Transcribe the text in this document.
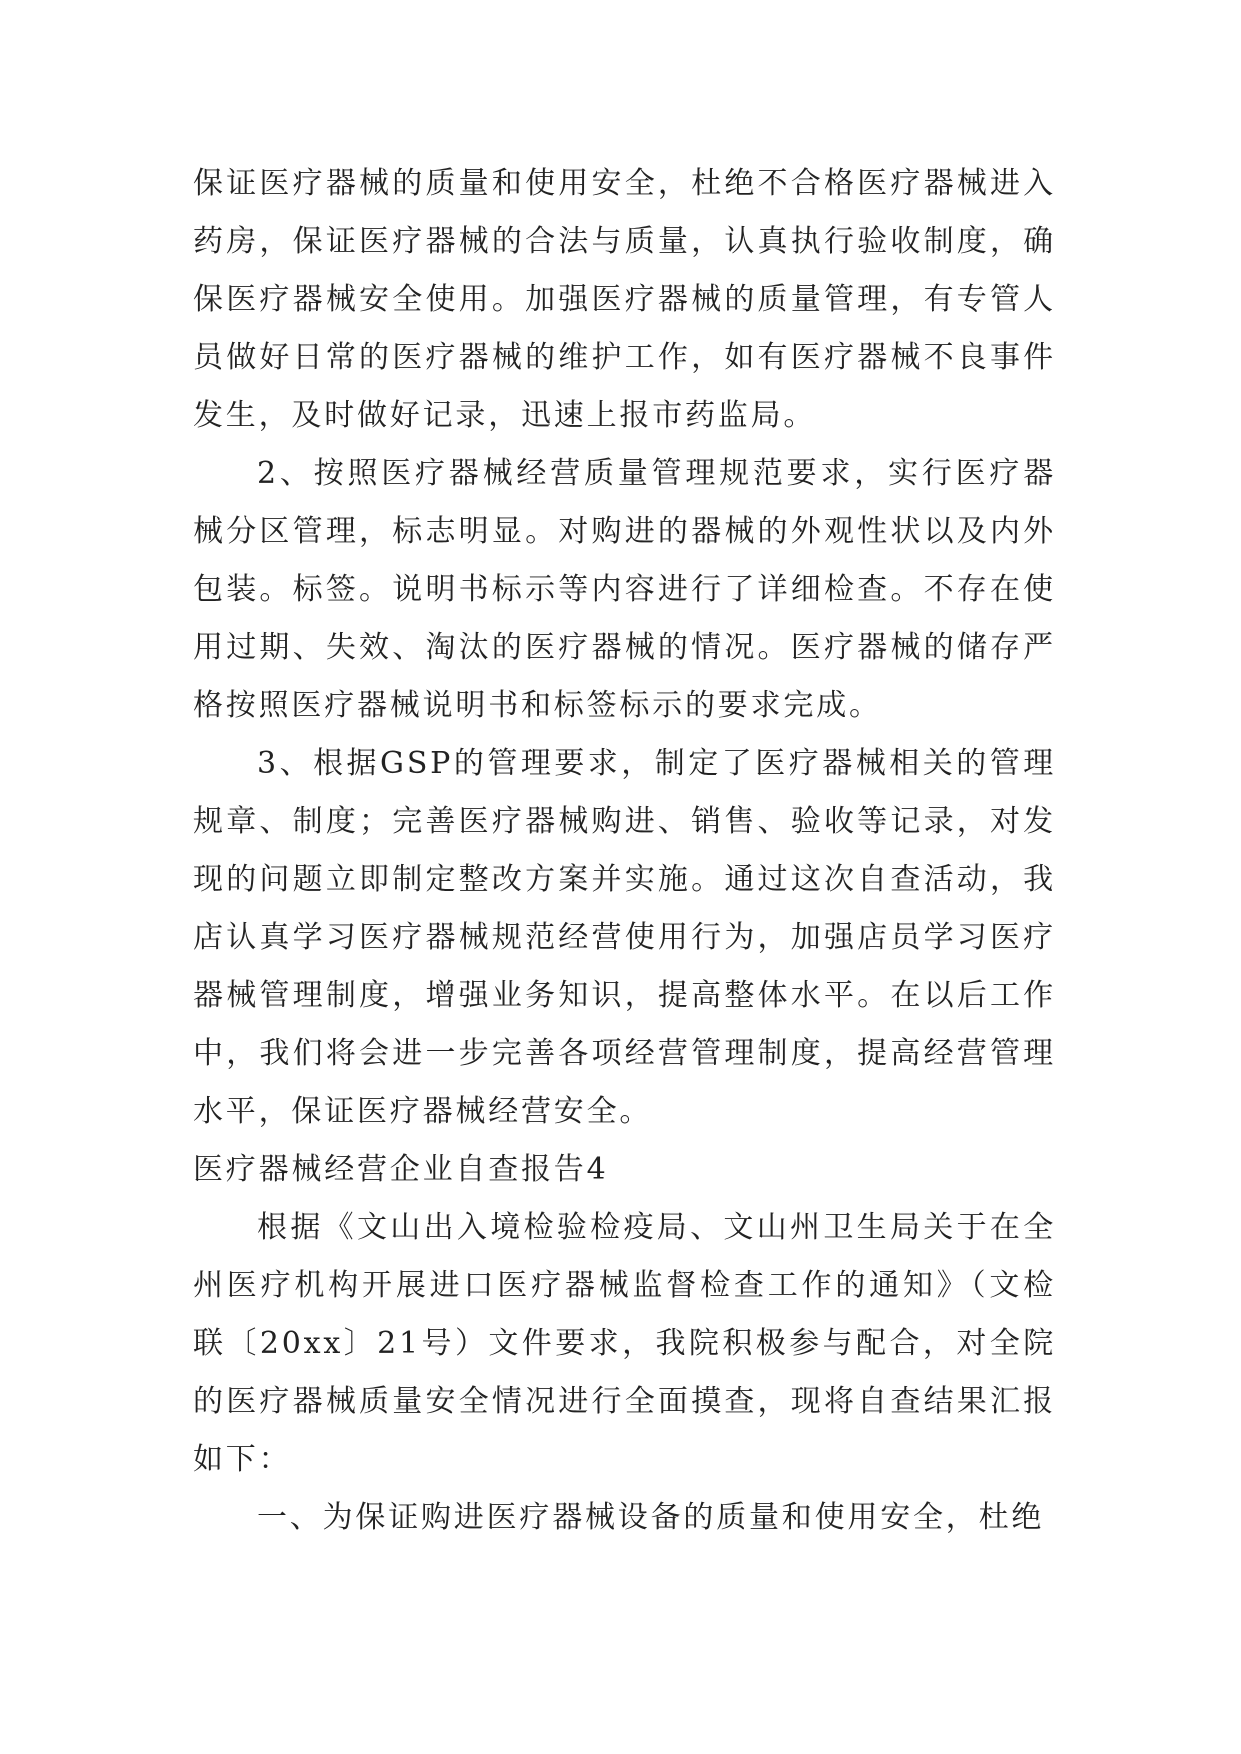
保证医疗器械的质量和使用安全，杜绝不合格医疗器械进入药房，保证医疗器械的合法与质量，认真执行验收制度，确保医疗器械安全使用。加强医疗器械的质量管理，有专管人员做好日常的医疗器械的维护工作，如有医疗器械不良事件发生，及时做好记录，迅速上报市药监局。

2、按照医疗器械经营质量管理规范要求，实行医疗器械分区管理，标志明显。对购进的器械的外观性状以及内外包装。标签。说明书标示等内容进行了详细检查。不存在使用过期、失效、淘汰的医疗器械的情况。医疗器械的储存严格按照医疗器械说明书和标签标示的要求完成。

3、根据GSP的管理要求，制定了医疗器械相关的管理规章、制度；完善医疗器械购进、销售、验收等记录，对发现的问题立即制定整改方案并实施。通过这次自查活动，我店认真学习医疗器械规范经营使用行为，加强店员学习医疗器械管理制度，增强业务知识，提高整体水平。在以后工作中，我们将会进一步完善各项经营管理制度，提高经营管理水平，保证医疗器械经营安全。

医疗器械经营企业自查报告4

根据《文山出入境检验检疫局、文山州卫生局关于在全州医疗机构开展进口医疗器械监督检查工作的通知》（文检联〔20xx〕21号）文件要求，我院积极参与配合，对全院的医疗器械质量安全情况进行全面摸查，现将自查结果汇报如下：

一、为保证购进医疗器械设备的质量和使用安全，杜绝
